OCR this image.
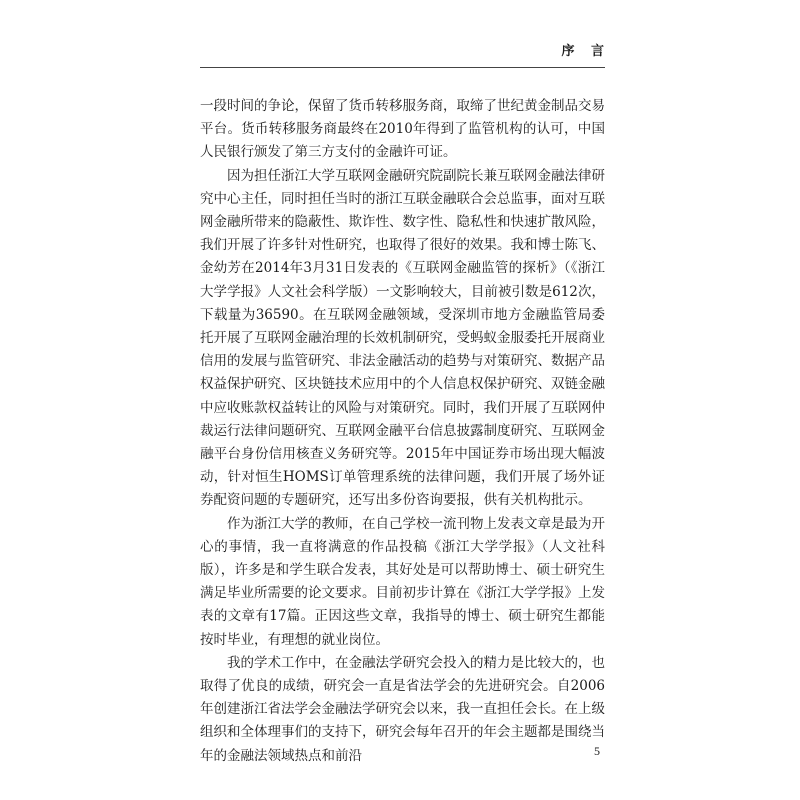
序 言

一段时间的争论，保留了货币转移服务商，取缔了世纪黄金制品交易平台。货币转移服务商最终在2010年得到了监管机构的认可，中国人民银行颁发了第三方支付的金融许可证。

因为担任浙江大学互联网金融研究院副院长兼互联网金融法律研究中心主任，同时担任当时的浙江互联金融联合会总监事，面对互联网金融所带来的隐蔽性、欺诈性、数字性、隐私性和快速扩散风险，我们开展了许多针对性研究，也取得了很好的效果。我和博士陈飞、金幼芳在2014年3月31日发表的《互联网金融监管的探析》（《浙江大学学报》人文社会科学版）一文影响较大，目前被引数是612次，下载量为36590。在互联网金融领域，受深圳市地方金融监管局委托开展了互联网金融治理的长效机制研究，受蚂蚁金服委托开展商业信用的发展与监管研究、非法金融活动的趋势与对策研究、数据产品权益保护研究、区块链技术应用中的个人信息权保护研究、双链金融中应收账款权益转让的风险与对策研究。同时，我们开展了互联网仲裁运行法律问题研究、互联网金融平台信息披露制度研究、互联网金融平台身份信用核查义务研究等。2015年中国证券市场出现大幅波动，针对恒生HOMS订单管理系统的法律问题，我们开展了场外证券配资问题的专题研究，还写出多份咨询要报，供有关机构批示。

作为浙江大学的教师，在自己学校一流刊物上发表文章是最为开心的事情，我一直将满意的作品投稿《浙江大学学报》（人文社科版），许多是和学生联合发表，其好处是可以帮助博士、硕士研究生满足毕业所需要的论文要求。目前初步计算在《浙江大学学报》上发表的文章有17篇。正因这些文章，我指导的博士、硕士研究生都能按时毕业，有理想的就业岗位。

我的学术工作中，在金融法学研究会投入的精力是比较大的，也取得了优良的成绩，研究会一直是省法学会的先进研究会。自2006年创建浙江省法学会金融法学研究会以来，我一直担任会长。在上级组织和全体理事们的支持下，研究会每年召开的年会主题都是围绕当年的金融法领域热点和前沿	5
